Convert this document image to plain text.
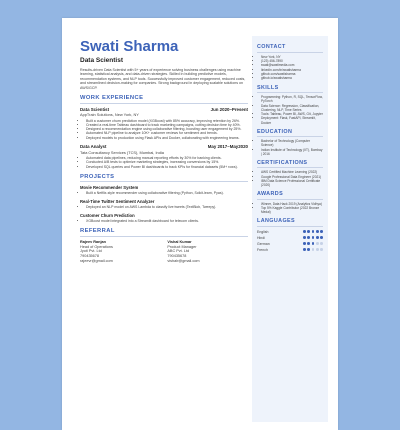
Swati Sharma
Data Scientist

Results-driven Data Scientist with 5+ years of experience solving business challenges using machine learning, statistical analysis, and data-driven strategies. Skilled in building predictive models, recommendation systems, and NLP tools. Successfully improved customer engagement, reduced costs, and streamlined decision-making for companies. Strong background in deploying scalable solutions on AWS/GCP.

WORK EXPERIENCE
Data Scientist	Jun 2020–Present
AppTrain Solutions, New York, NY
• Built a customer churn prediction model (XGBoost) with 85% accuracy, improving retention by 26%.
• Created a real-time Tableau dashboard to track marketing campaigns, cutting decision time by 40%.
• Designed a recommendation engine using collaborative filtering, boosting user engagement by 25%.
• Automated NLP pipeline to analyze 10K+ customer reviews for sentiment and trends.
• Deployed models to production using Flask APIs and Docker, collaborating with engineering teams.
Data Analyst	May 2017–May2020
Tata Consultancy Services (TCS), Mumbai, India
• Automated data pipelines, reducing manual reporting efforts by 30% for banking clients.
• Conducted A/B tests to optimize marketing strategies, increasing conversions by 15%.
• Developed SQL queries and Power BI dashboards to track KPIs for financial datasets (5M+ rows).
PROJECTS
Movie Recommender System
• Built a Netflix-style recommender using collaborative filtering (Python, Scikit-learn, Pyas).
Real-Time Twitter Sentiment Analyzer
• Deployed an NLP model on AWS Lambda to classify live tweets (TextBlob, Tweepy).
Customer Churn Prediction
• XGBoost model integrated into a Streamlit dashboard for telecom clients.
REFERRAL
Rajeev Ranjan
Head of Operations
Jyoti Pvt. Ltd
790435678
rajeevr@gmail.com
Vishal Kumar
Product Manager
ABC Pvt. Ltd
790435678
vishalr@gmail.com
CONTACT
• New York, NY
• (123) 456-7890
• swati@swatimedia.com
• linkedin.com/in/swatisharma
• github.com/swatisharma
• github.io/swatisharma
SKILLS
• Programming: Python, R, SQL, TensorFlow, PyTorch
• Data Science: Regression, Classification, Clustering, NLP, Time Series
• Tools: Tableau, Power BI, AWS, Git, Jupyter
• Deployment: Flask, FastAPI, Streamlit, Docker
EDUCATION
• Bachelor of Technology (Computer Science)
• Indian Institute of Technology (IIT), Bombay | 2016
CERTIFICATIONS
• AWS Certified Machine Learning (2022)
• Google Professional Data Engineer (2021)
• IBM Data Science Professional Certificate (2020)
AWARDS
• Winner, Data Hack 2019 (Analytics Vidhya)
• Top 5% Kaggle Contributor (2022 Bronze Medal)
LANGUAGES
English
Hindi
German
French
